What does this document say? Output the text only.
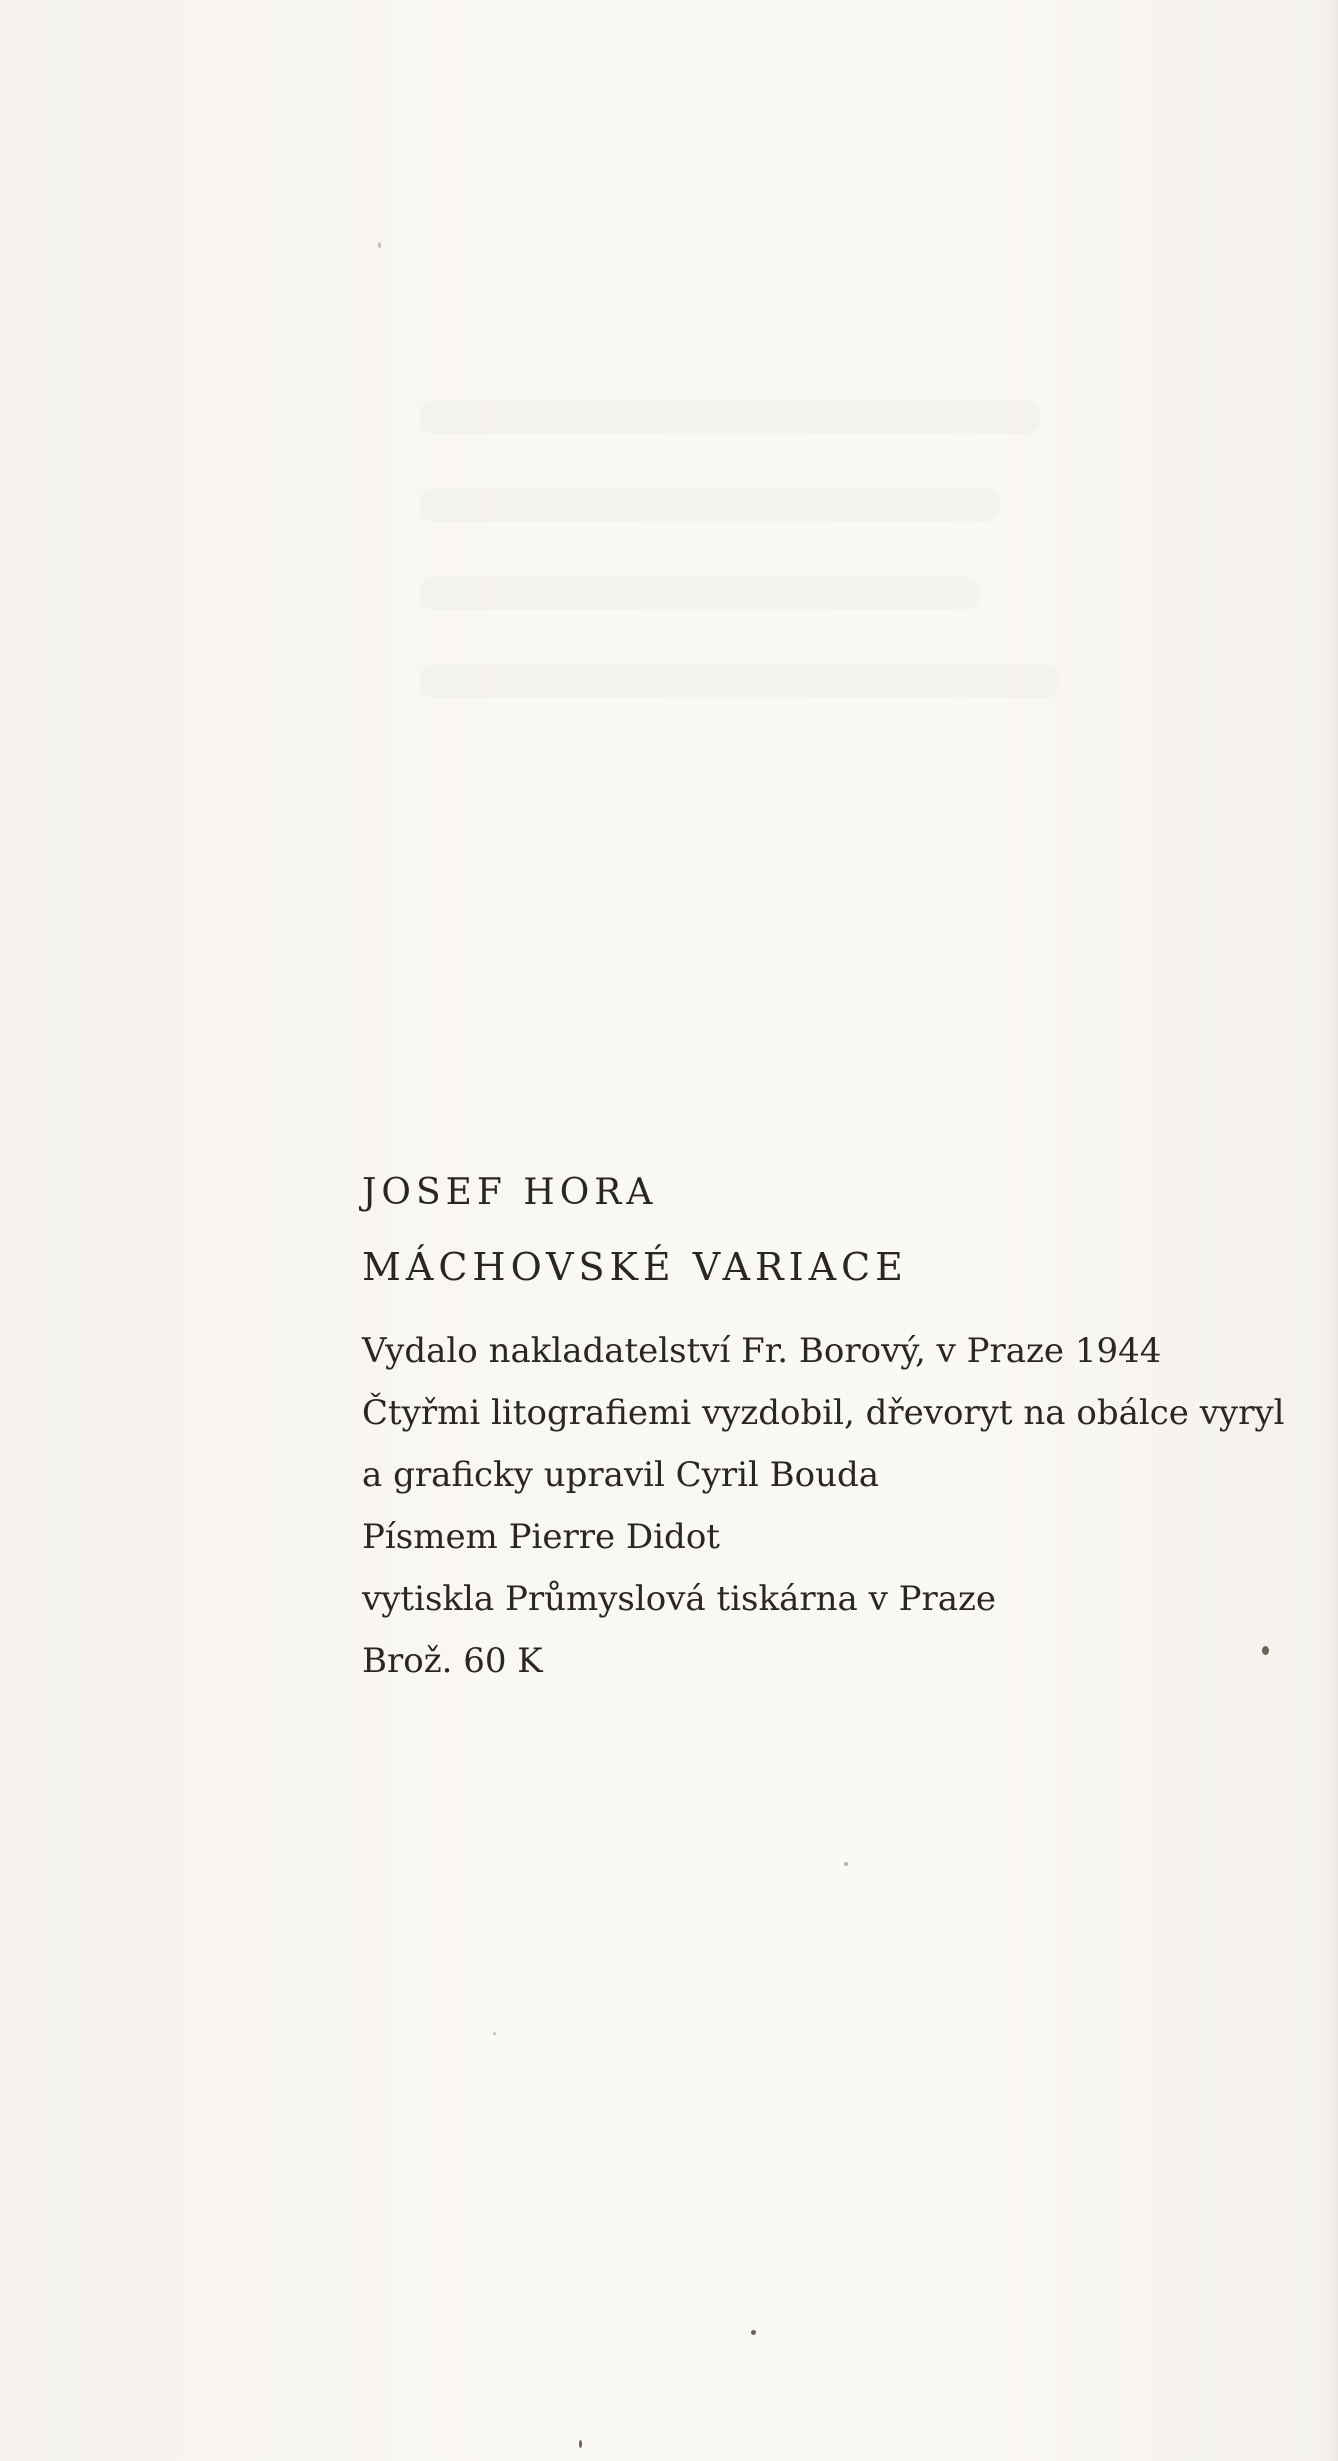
JOSEF HORA
MÁCHOVSKÉ VARIACE

Vydalo nakladatelství Fr. Borový, v Praze 1944

Čtyřmi litografiemi vyzdobil, dřevoryt na obálce vyryl

a graficky upravil Cyril Bouda

Písmem Pierre Didot

vytiskla Průmyslová tiskárna v Praze

Brož. 60 K
